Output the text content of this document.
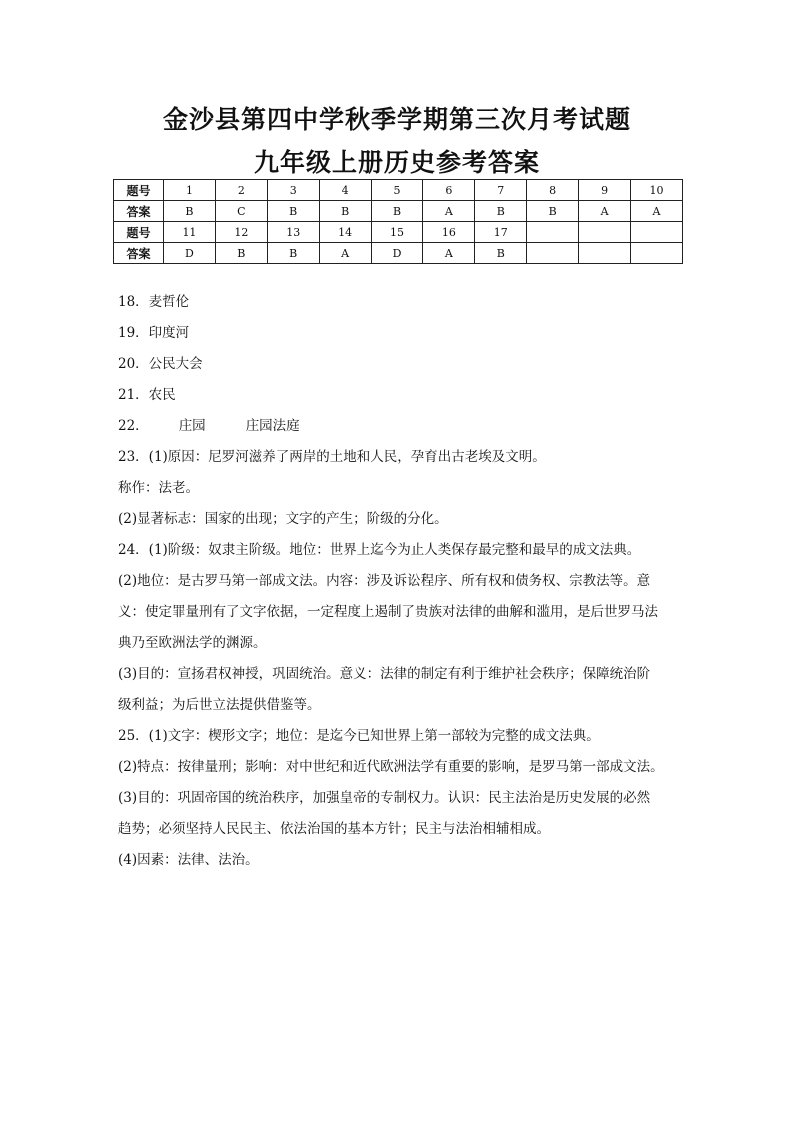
金沙县第四中学秋季学期第三次月考试题
九年级上册历史参考答案
题号	1	2	3	4	5	6	7	8	9	10
答案	B	C	B	B	B	A	B	B	A	A
题号	11	12	13	14	15	16	17			
答案	D	B	B	A	D	A	B			
18．麦哲伦
19．印度河
20．公民大会
21．农民
22． 庄园	庄园法庭
23．(1)原因：尼罗河滋养了两岸的土地和人民，孕育出古老埃及文明。
称作：法老。
(2)显著标志：国家的出现；文字的产生；阶级的分化。
24．(1)阶级：奴隶主阶级。地位：世界上迄今为止人类保存最完整和最早的成文法典。
(2)地位：是古罗马第一部成文法。内容：涉及诉讼程序、所有权和债务权、宗教法等。意
义：使定罪量刑有了文字依据，一定程度上遏制了贵族对法律的曲解和滥用，是后世罗马法
典乃至欧洲法学的渊源。
(3)目的：宣扬君权神授，巩固统治。意义：法律的制定有利于维护社会秩序；保障统治阶
级利益；为后世立法提供借鉴等。
25．(1)文字：楔形文字；地位：是迄今已知世界上第一部较为完整的成文法典。
(2)特点：按律量刑；影响：对中世纪和近代欧洲法学有重要的影响，是罗马第一部成文法。
(3)目的：巩固帝国的统治秩序，加强皇帝的专制权力。认识：民主法治是历史发展的必然
趋势；必须坚持人民民主、依法治国的基本方针；民主与法治相辅相成。
(4)因素：法律、法治。
